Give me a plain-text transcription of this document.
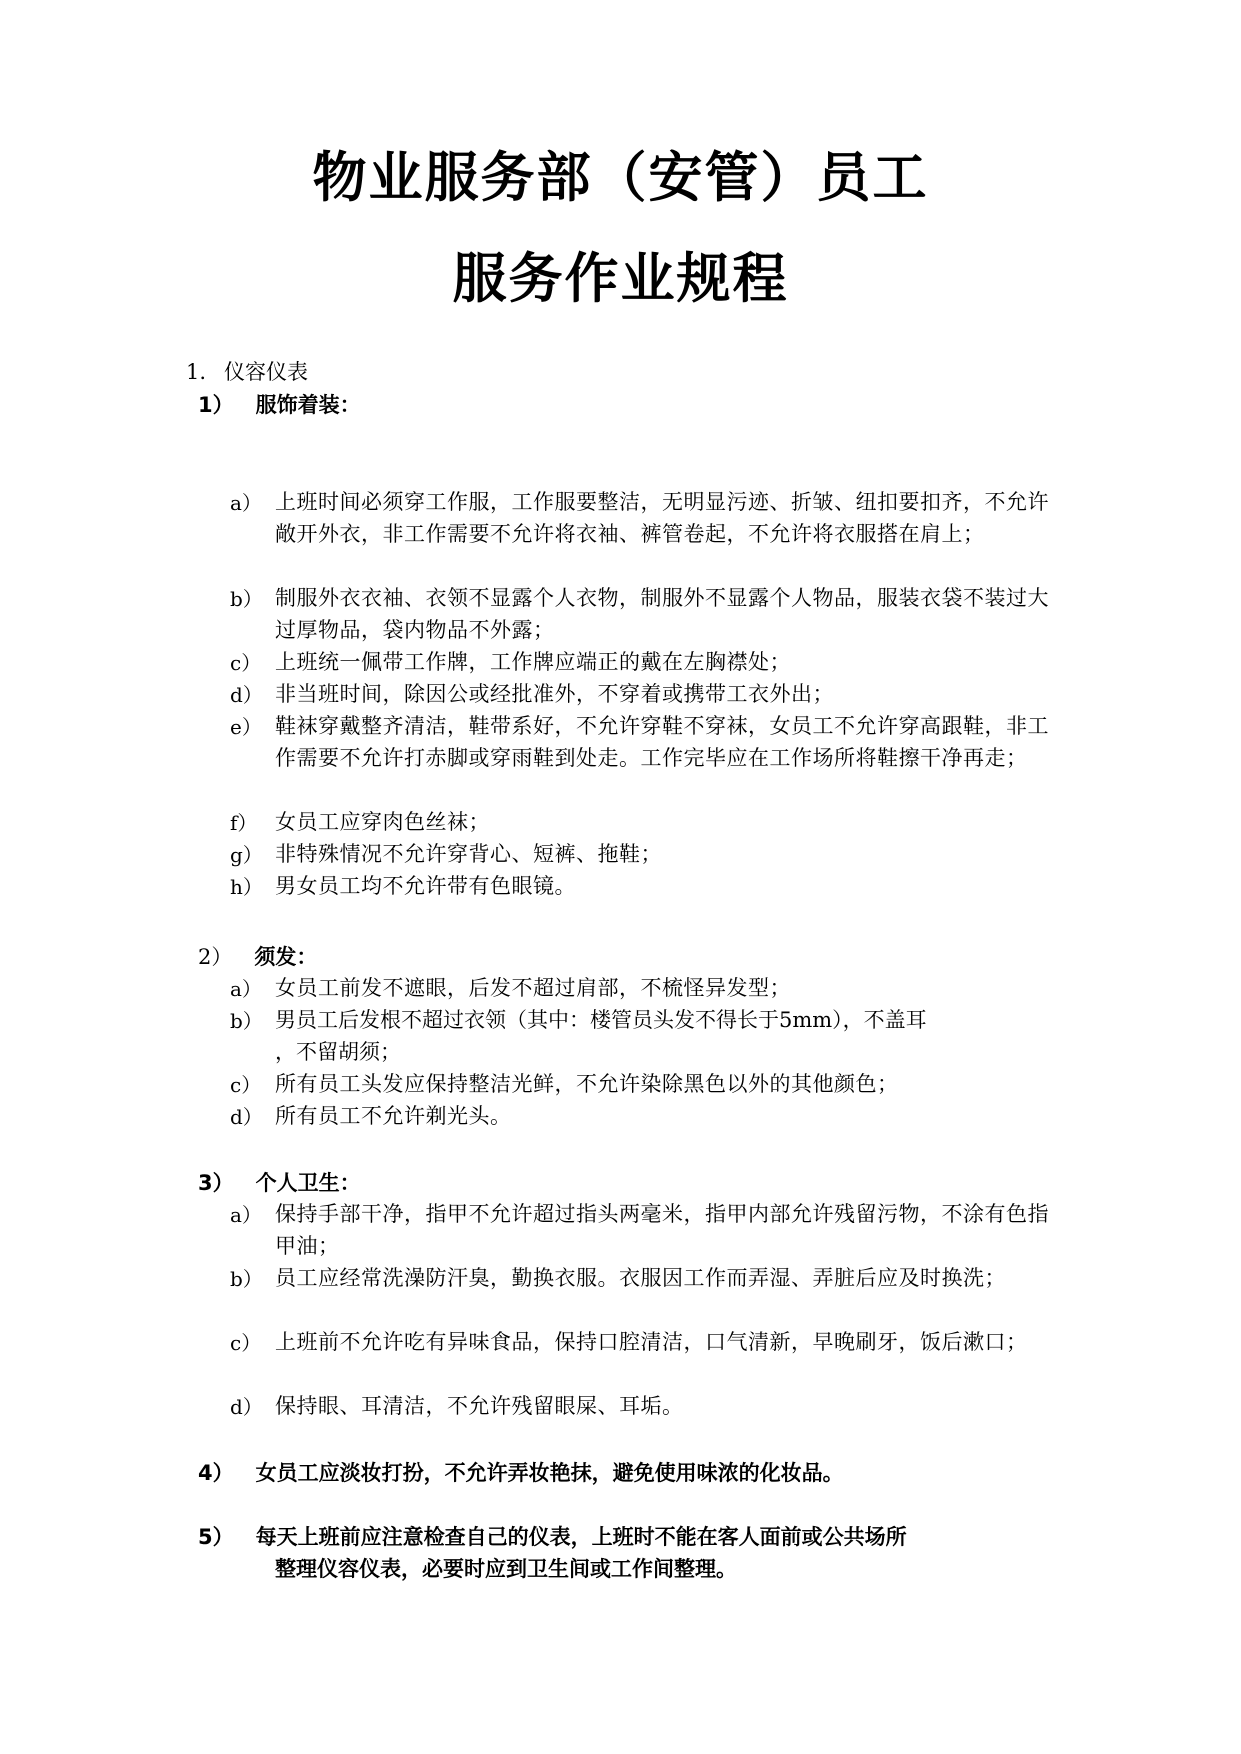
物业服务部（安管）员工
服务作业规程
1. 仪容仪表
1） 服饰着装：
a） 上班时间必须穿工作服，工作服要整洁，无明显污迹、折皱、纽扣要扣齐，不允许敞开外衣，非工作需要不允许将衣袖、裤管卷起，不允许将衣服搭在肩上；
b） 制服外衣衣袖、衣领不显露个人衣物，制服外不显露个人物品，服装衣袋不装过大过厚物品，袋内物品不外露；
c） 上班统一佩带工作牌，工作牌应端正的戴在左胸襟处；
d） 非当班时间，除因公或经批准外，不穿着或携带工衣外出；
e） 鞋袜穿戴整齐清洁，鞋带系好，不允许穿鞋不穿袜，女员工不允许穿高跟鞋，非工作需要不允许打赤脚或穿雨鞋到处走。工作完毕应在工作场所将鞋擦干净再走；
f） 女员工应穿肉色丝袜；
g） 非特殊情况不允许穿背心、短裤、拖鞋；
h） 男女员工均不允许带有色眼镜。
2） 须发：
a） 女员工前发不遮眼，后发不超过肩部，不梳怪异发型；
b） 男员工后发根不超过衣领（其中：楼管员头发不得长于5mm），不盖耳
，不留胡须；
c） 所有员工头发应保持整洁光鲜，不允许染除黑色以外的其他颜色；
d） 所有员工不允许剃光头。
3） 个人卫生：
a） 保持手部干净，指甲不允许超过指头两毫米，指甲内部允许残留污物，不涂有色指甲油；
b） 员工应经常洗澡防汗臭，勤换衣服。衣服因工作而弄湿、弄脏后应及时换洗；
c） 上班前不允许吃有异味食品，保持口腔清洁，口气清新，早晚刷牙，饭后漱口；
d） 保持眼、耳清洁，不允许残留眼屎、耳垢。
4） 女员工应淡妆打扮，不允许弄妆艳抹，避免使用味浓的化妆品。
5） 每天上班前应注意检查自己的仪表，上班时不能在客人面前或公共场所
整理仪容仪表，必要时应到卫生间或工作间整理。
